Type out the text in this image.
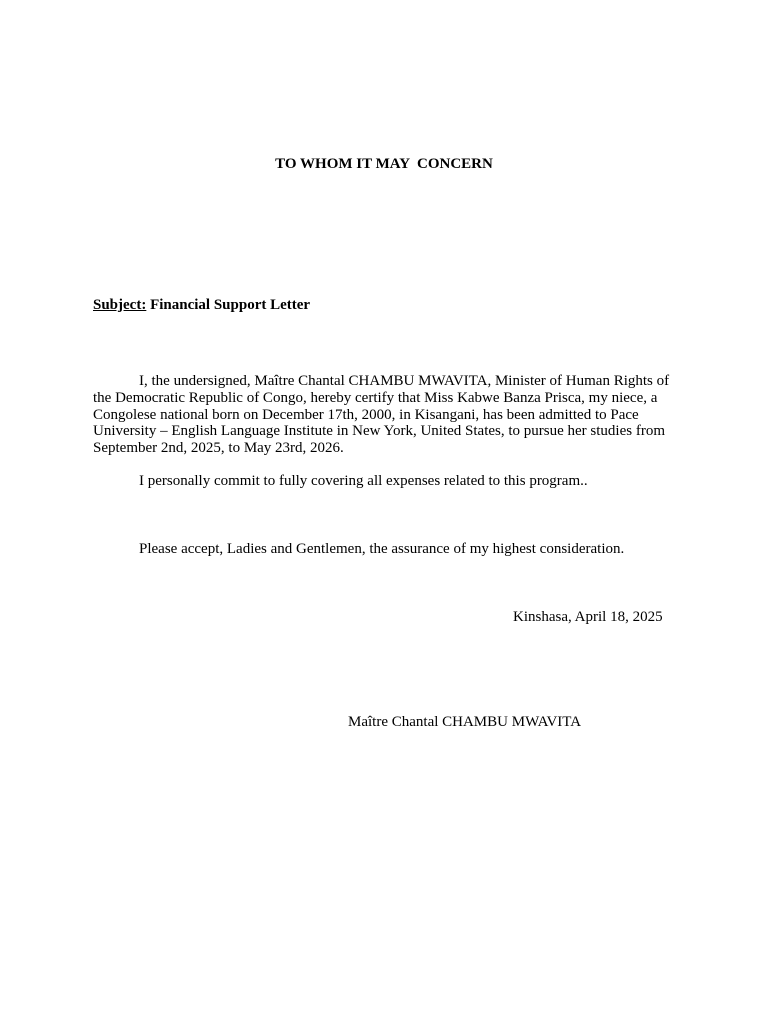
TO WHOM IT MAY  CONCERN
Subject: Financial Support Letter

I, the undersigned, Maître Chantal CHAMBU MWAVITA, Minister of Human Rights of the Democratic Republic of Congo, hereby certify that Miss Kabwe Banza Prisca, my niece, a Congolese national born on December 17th, 2000, in Kisangani, has been admitted to Pace University – English Language Institute in New York, United States, to pursue her studies from September 2nd, 2025, to May 23rd, 2026.

I personally commit to fully covering all expenses related to this program..

Please accept, Ladies and Gentlemen, the assurance of my highest consideration.

Kinshasa, April 18, 2025
Maître Chantal CHAMBU MWAVITA
